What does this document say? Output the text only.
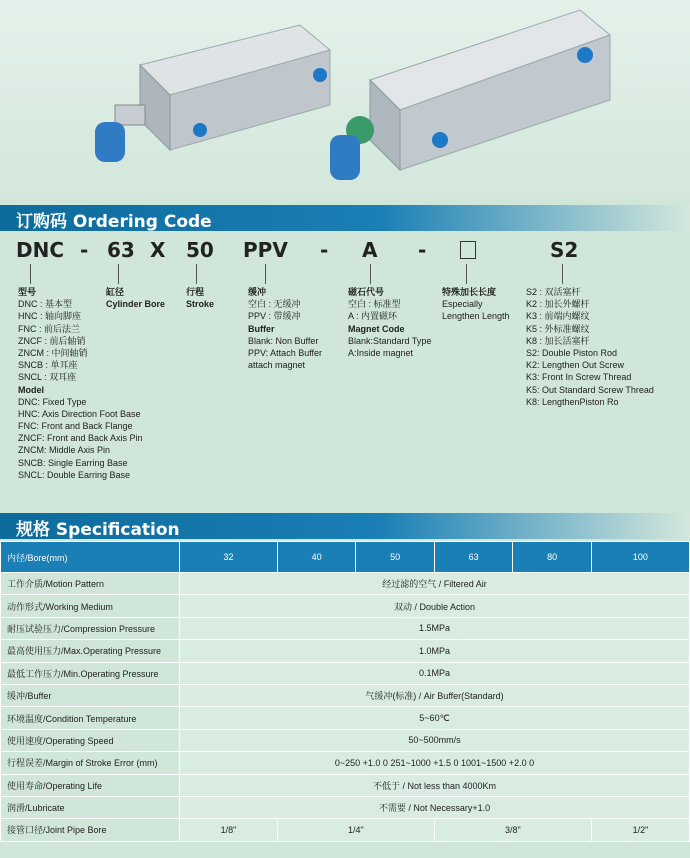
订购码 Ordering Code
DNC - 63 X 50 PPV - A -	S2
型号
DNC : 基本型
HNC : 轴向脚座
FNC : 前后法兰
ZNCF : 前后轴销
ZNCM : 中间轴销
SNCB : 单耳座
SNCL : 双耳座
Model
DNC: Fixed Type
HNC: Axis Direction Foot Base
FNC: Front and Back Flange
ZNCF: Front and Back Axis Pin
ZNCM: Middle Axis Pin
SNCB: Single Earring Base
SNCL: Double Earring Base
缸径
Cylinder Bore
行程
Stroke
缓冲
空白 : 无缓冲
PPV : 带缓冲
Buffer
Blank: Non Buffer
PPV: Attach Buffer
attach magnet
磁石代号
空白 : 标准型
A : 内置磁环
Magnet Code
Blank:Standard Type
A:Inside magnet
特殊加长长度
Especially
Lengthen Length
S2 : 双活塞杆
K2 : 加长外螺杆
K3 : 前端内螺纹
K5 : 外标准螺纹
K8 : 加长活塞杆
S2: Double Piston Rod
K2: Lengthen Out Screw
K3: Front In Screw Thread
K5: Out Standard Screw Thread
K8: LengthenPiston Ro
规格 Specification
内径/Bore(mm)	32	40	50	63	80	100
工作介质/Motion Pattern	经过滤的空气 / Filtered Air					
动作形式/Working Medium	双动 / Double Action					
耐压试验压力/Compression Pressure	1.5MPa					
最高使用压力/Max.Operating Pressure	1.0MPa					
最低工作压力/Min.Operating Pressure	0.1MPa					
缓冲/Buffer	气缓冲(标准) / Air Buffer(Standard)					
环境温度/Condition Temperature	5~60℃					
使用速度/Operating Speed	50~500mm/s					
行程误差/Margin of Stroke Error (mm)	0~250 +1.0 0 251~1000 +1.5 0 1001~1500 +2.0 0					
使用寿命/Operating Life	不低于 / Not less than 4000Km					
润滑/Lubricate	不需要 / Not Necessary+1.0					
接管口径/Joint Pipe Bore	1/8"	1/4"		3/8"		1/2"
